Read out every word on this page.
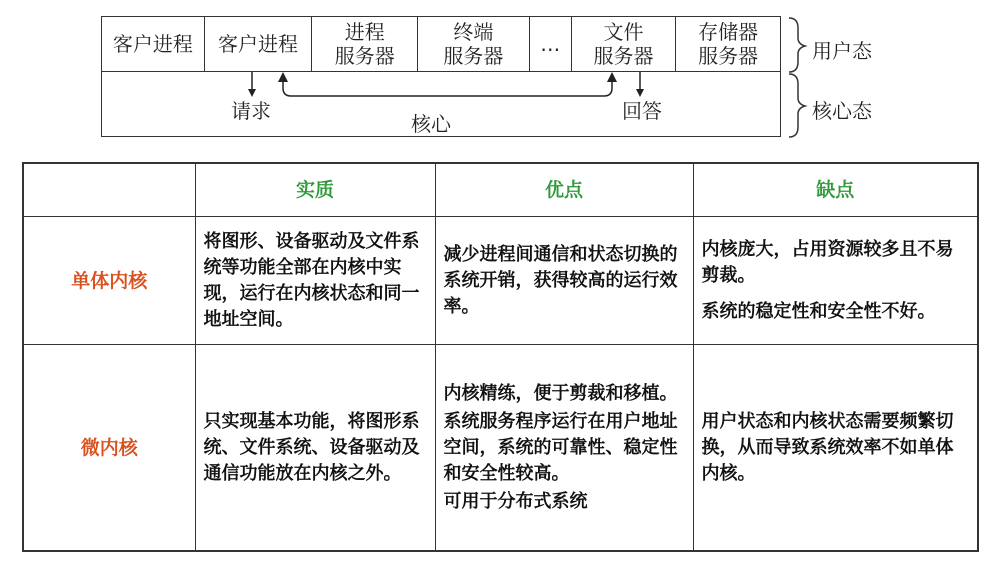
客户进程 客户进程 进程
服务器
终端
服务器 … 文件
服务器
存储器
服务器
请求	回答
核心
用户态
核心态
	实质	优点	缺点
单体内核	将图形、设备驱动及文件系统等功能全部在内核中实现，运行在内核状态和同一地址空间。	减少进程间通信和状态切换的系统开销，获得较高的运行效率。	内核庞大，占用资源较多且不易剪裁。
系统的稳定性和安全性不好。

微内核	只实现基本功能，将图形系统、文件系统、设备驱动及通信功能放在内核之外。	内核精练，便于剪裁和移植。
系统服务程序运行在用户地址空间，系统的可靠性、稳定性和安全性较高。
可用于分布式系统	用户状态和内核状态需要频繁切换，从而导致系统效率不如单体内核。
